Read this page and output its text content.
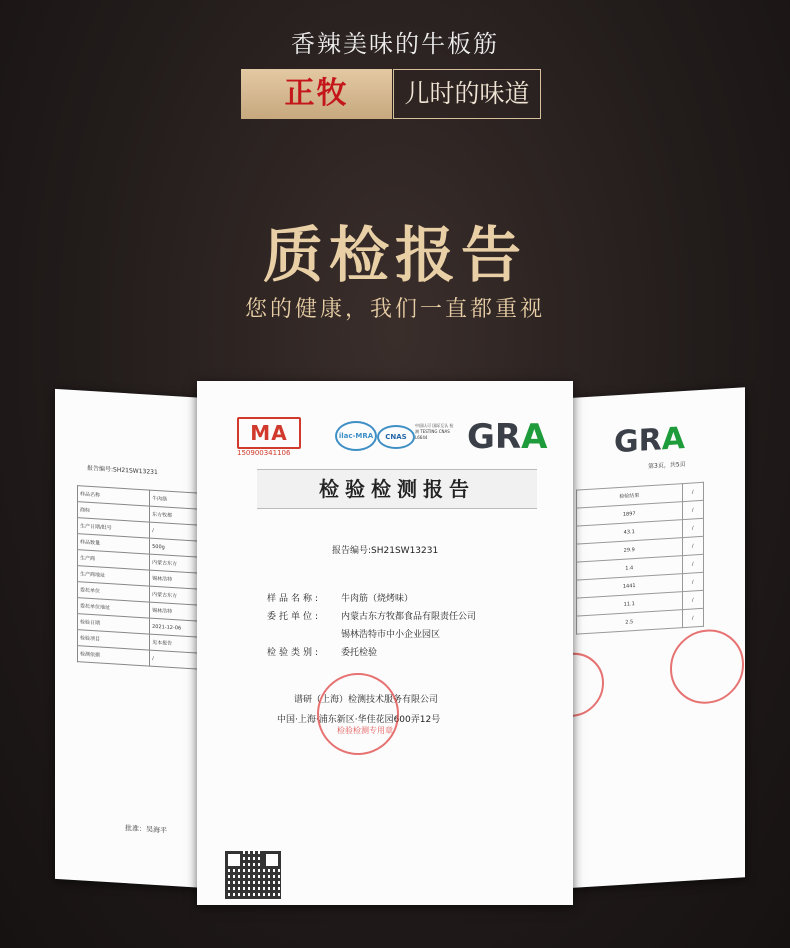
香辣美味的牛板筋
正牧	儿时的味道
质检报告
您的健康，我们一直都重视
报告编号:SH21SW13231
样品名称	牛肉筋
商标	东方牧都
生产日期/批号	/
样品数量	500g
生产商	内蒙古东方
生产商地址	锡林浩特
委托单位	内蒙古东方
委托单位地址	锡林浩特
检验日期	2021-12-06
检验项目	见本报告
检测依据	/
批准：吴海平
GRA
第3页，共5页
检验结果	/
1897	/
43.1	/
29.9	/
1.4	/
1441	/
11.1	/
2.5	/
MA
150900341106
ilac-MRA	CNAS
中国认可 国际互认 检测 TESTING CNAS L6644	GRA
检验检测报告
报告编号:SH21SW13231
样品名称: 牛肉筋（烧烤味）
委托单位: 内蒙古东方牧都食品有限责任公司
锡林浩特市中小企业园区
检验类别: 委托检验
谱研（上海）检测技术服务有限公司
中国·上海·浦东新区·华佳花园600弄12号
检验检测专用章
